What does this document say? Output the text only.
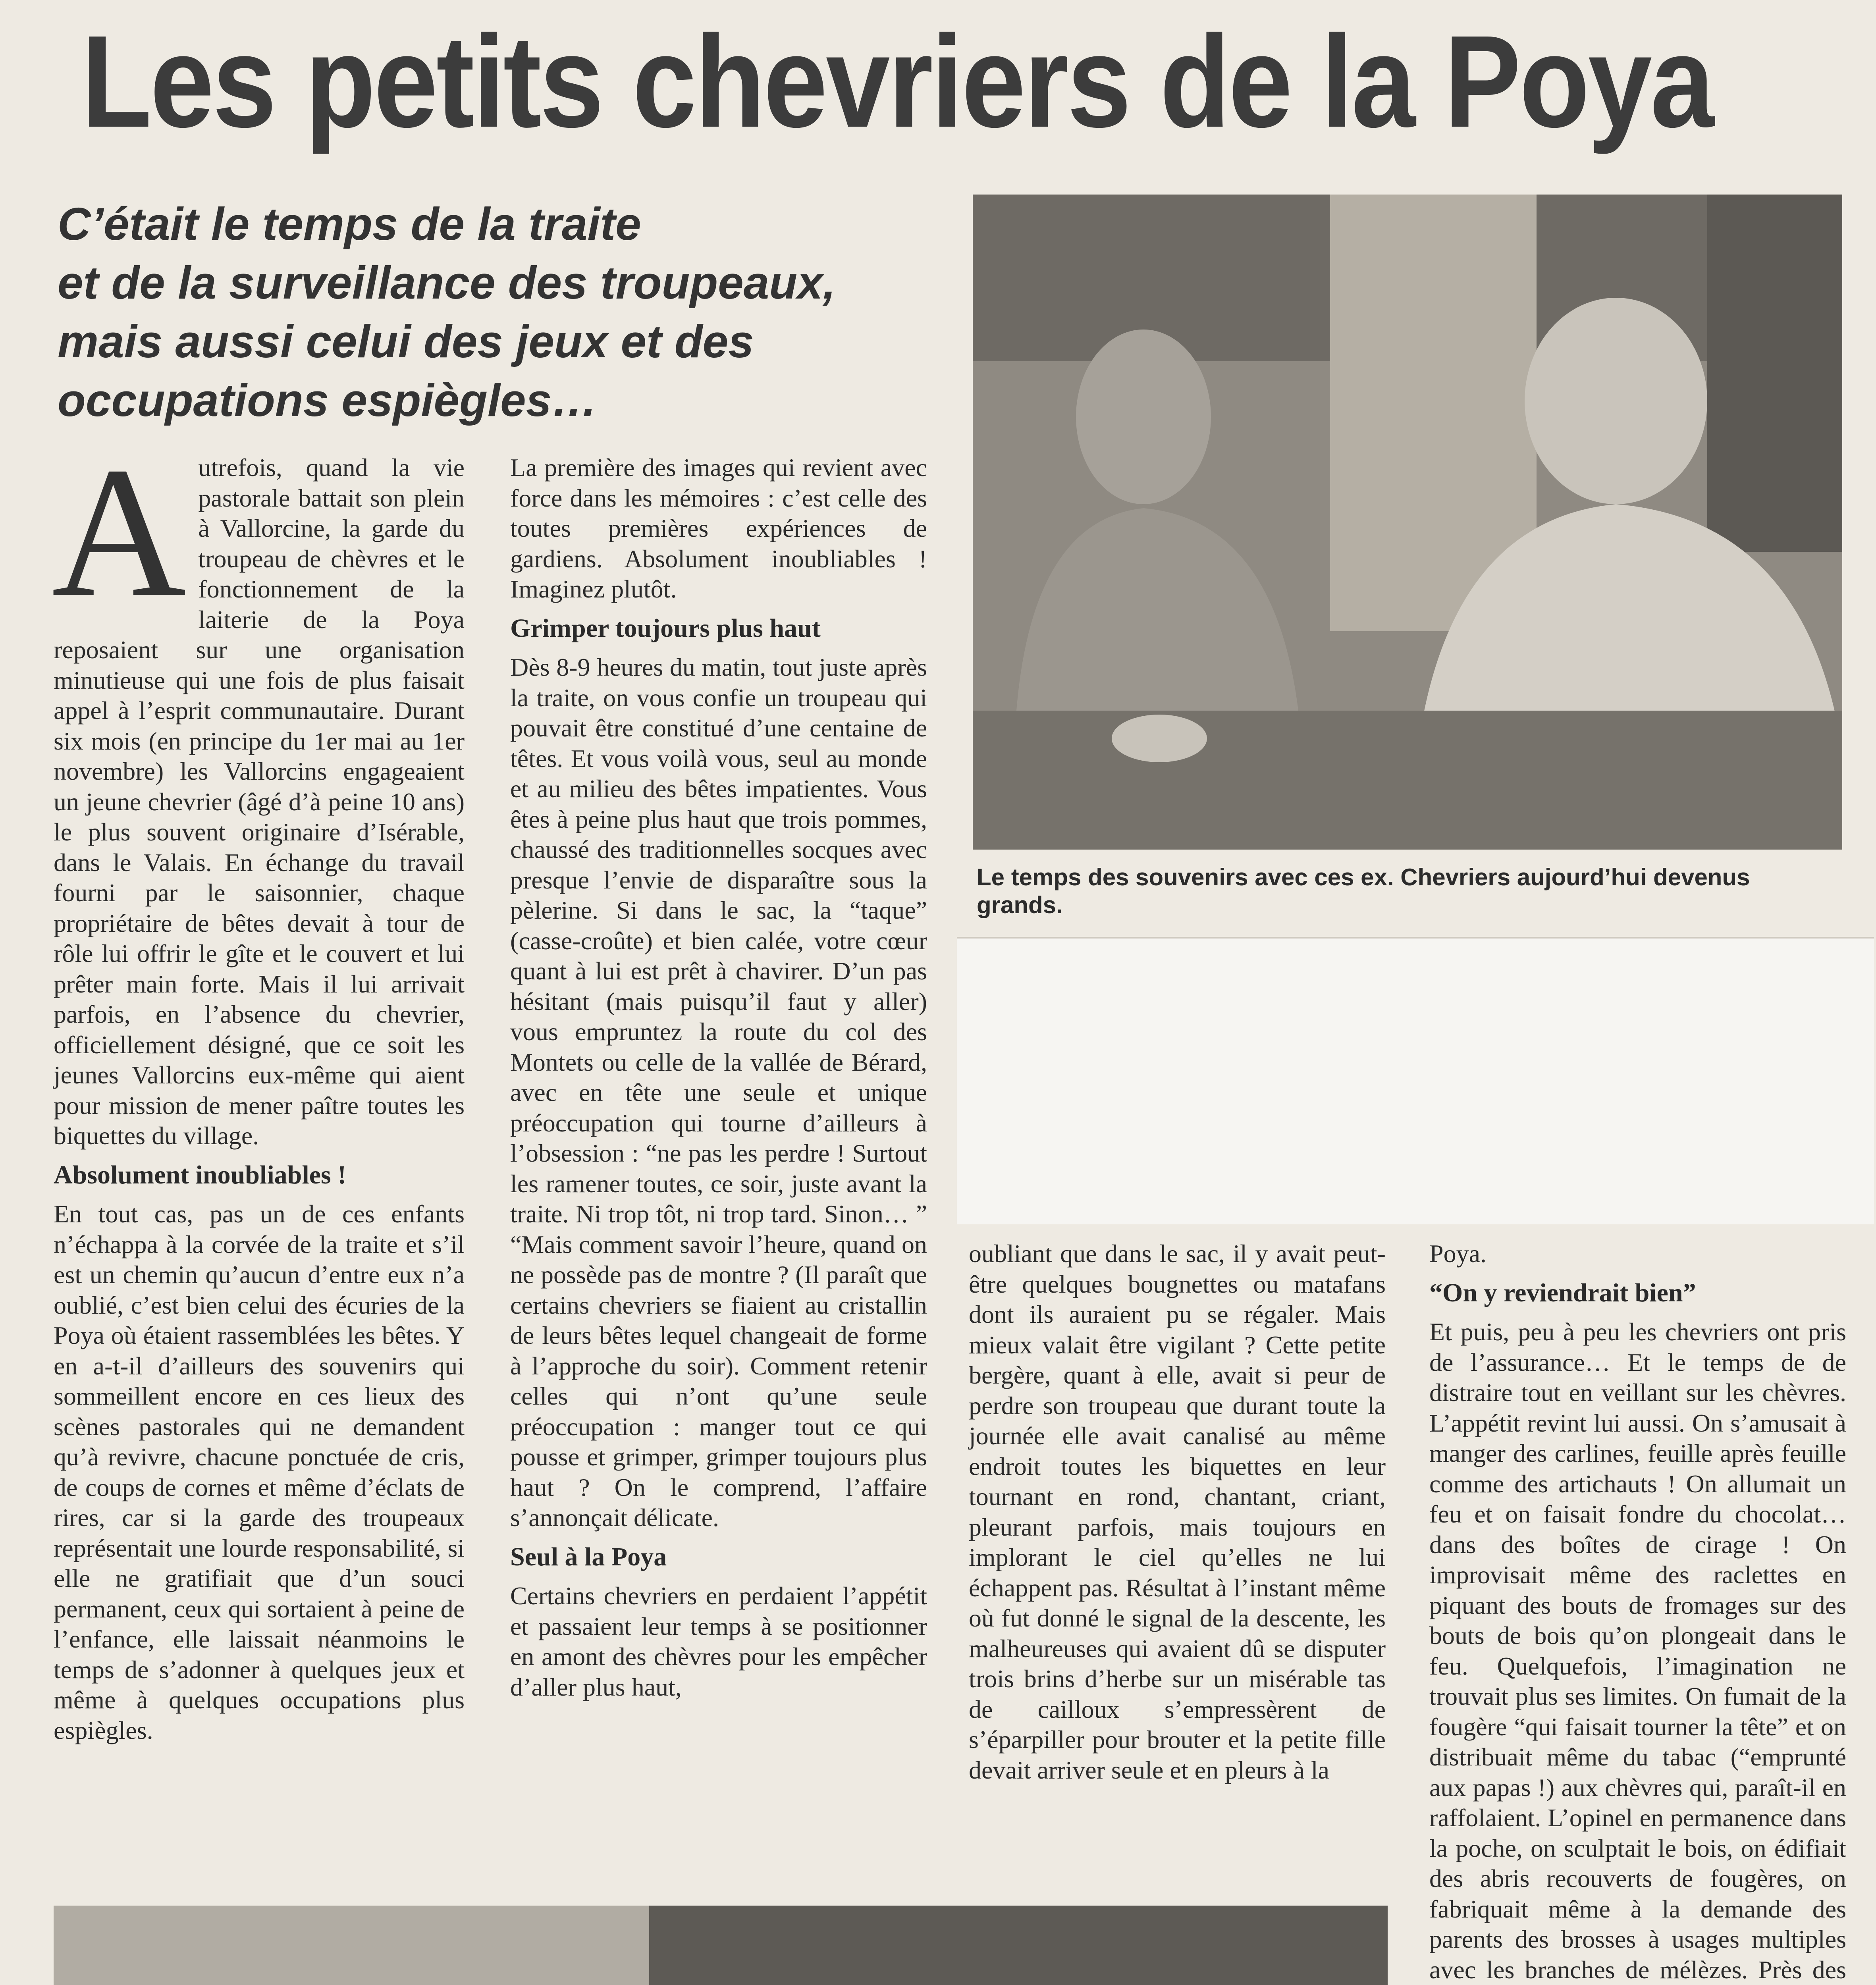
Les petits chevriers de la Poya
C’était le temps de la traite
et de la surveillance des troupeaux,
mais aussi celui des jeux et des
occupations espiègles…
Le temps des souvenirs avec ces ex. Chevriers aujourd’hui devenus grands.
A utrefois, quand la vie pastorale battait son plein à Vallorcine, la garde du troupeau de chèvres et le fonctionnement de la laiterie de la Poya reposaient sur une organisation minutieuse qui une fois de plus faisait appel à l’esprit communautaire. Durant six mois (en principe du 1er mai au 1er novembre) les Vallorcins engageaient un jeune chevrier (âgé d’à peine 10 ans) le plus souvent originaire d’Isérable, dans le Valais. En échange du travail fourni par le saisonnier, chaque propriétaire de bêtes devait à tour de rôle lui offrir le gîte et le couvert et lui prêter main forte. Mais il lui arrivait parfois, en l’absence du chevrier, officiellement désigné, que ce soit les jeunes Vallorcins eux-même qui aient pour mission de mener paître toutes les biquettes du village.

Absolument inoubliables !

En tout cas, pas un de ces enfants n’échappa à la corvée de la traite et s’il est un chemin qu’aucun d’entre eux n’a oublié, c’est bien celui des écuries de la Poya où étaient rassemblées les bêtes. Y en a-t-il d’ailleurs des souvenirs qui sommeillent encore en ces lieux des scènes pastorales qui ne demandent qu’à revivre, chacune ponctuée de cris, de coups de cornes et même d’éclats de rires, car si la garde des troupeaux représentait une lourde responsabilité, si elle ne gratifiait que d’un souci permanent, ceux qui sortaient à peine de l’enfance, elle laissait néanmoins le temps de s’adonner à quelques jeux et même à quelques occupations plus espiègles.

La première des images qui revient avec force dans les mémoires : c’est celle des toutes premières expériences de gardiens. Absolument inoubliables ! Imaginez plutôt.

Grimper toujours plus haut

Dès 8-9 heures du matin, tout juste après la traite, on vous confie un troupeau qui pouvait être constitué d’une centaine de têtes. Et vous voilà vous, seul au monde et au milieu des bêtes impatientes. Vous êtes à peine plus haut que trois pommes, chaussé des traditionnelles socques avec presque l’envie de disparaître sous la pèlerine. Si dans le sac, la “taque” (casse-croûte) et bien calée, votre cœur quant à lui est prêt à chavirer. D’un pas hésitant (mais puisqu’il faut y aller) vous empruntez la route du col des Montets ou celle de la vallée de Bérard, avec en tête une seule et unique préoccupation qui tourne d’ailleurs à l’obsession : “ne pas les perdre ! Surtout les ramener toutes, ce soir, juste avant la traite. Ni trop tôt, ni trop tard. Sinon… ” “Mais comment savoir l’heure, quand on ne possède pas de montre ? (Il paraît que certains chevriers se fiaient au cristallin de leurs bêtes lequel changeait de forme à l’approche du soir). Comment retenir celles qui n’ont qu’une seule préoccupation : manger tout ce qui pousse et grimper, grimper toujours plus haut ? On le comprend, l’affaire s’annonçait délicate.

Seul à la Poya

Certains chevriers en perdaient l’appétit et passaient leur temps à se positionner en amont des chèvres pour les empêcher d’aller plus haut,

oubliant que dans le sac, il y avait peut-être quelques bougnettes ou matafans dont ils auraient pu se régaler. Mais mieux valait être vigilant ? Cette petite bergère, quant à elle, avait si peur de perdre son troupeau que durant toute la journée elle avait canalisé au même endroit toutes les biquettes en leur tournant en rond, chantant, criant, pleurant parfois, mais toujours en implorant le ciel qu’elles ne lui échappent pas. Résultat à l’instant même où fut donné le signal de la descente, les malheureuses qui avaient dû se disputer trois brins d’herbe sur un misérable tas de cailloux s’empressèrent de s’éparpiller pour brouter et la petite fille devait arriver seule et en pleurs à la

Poya.

“On y reviendrait bien”

Et puis, peu à peu les chevriers ont pris de l’assurance… Et le temps de de distraire tout en veillant sur les chèvres. L’appétit revint lui aussi. On s’amusait à manger des carlines, feuille après feuille comme des artichauts ! On allumait un feu et on faisait fondre du chocolat… dans des boîtes de cirage ! On improvisait même des raclettes en piquant des bouts de fromages sur des bouts de bois qu’on plongeait dans le feu. Quelquefois, l’imagination ne trouvait plus ses limites. On fumait de la fougère “qui faisait tourner la tête” et on distribuait même du tabac (“emprunté aux papas !) aux chèvres qui, paraît-il en raffolaient. L’opinel en permanence dans la poche, on sculptait le bois, on édifiait des abris recouverts de fougères, on fabriquait même à la demande des parents des brosses à usages multiples avec les branches de mélèzes. Près des
